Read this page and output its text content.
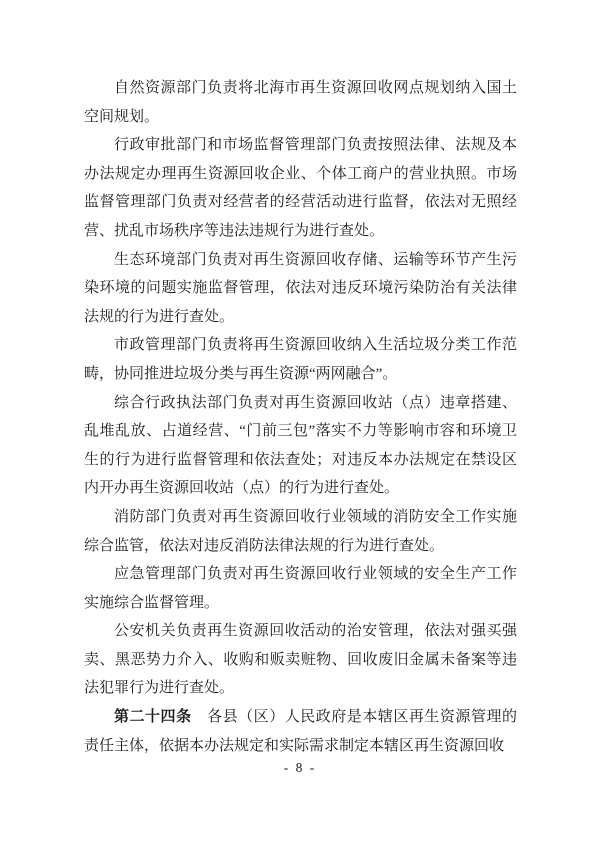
自然资源部门负责将北海市再生资源回收网点规划纳入国土空间规划。

行政审批部门和市场监督管理部门负责按照法律、法规及本办法规定办理再生资源回收企业、个体工商户的营业执照。市场监督管理部门负责对经营者的经营活动进行监督，依法对无照经营、扰乱市场秩序等违法违规行为进行查处。

生态环境部门负责对再生资源回收存储、运输等环节产生污染环境的问题实施监督管理，依法对违反环境污染防治有关法律法规的行为进行查处。

市政管理部门负责将再生资源回收纳入生活垃圾分类工作范畴，协同推进垃圾分类与再生资源“两网融合”。

综合行政执法部门负责对再生资源回收站（点）违章搭建、乱堆乱放、占道经营、“门前三包”落实不力等影响市容和环境卫生的行为进行监督管理和依法查处；对违反本办法规定在禁设区内开办再生资源回收站（点）的行为进行查处。

消防部门负责对再生资源回收行业领域的消防安全工作实施综合监管，依法对违反消防法律法规的行为进行查处。

应急管理部门负责对再生资源回收行业领域的安全生产工作实施综合监督管理。

公安机关负责再生资源回收活动的治安管理，依法对强买强卖、黑恶势力介入、收购和贩卖赃物、回收废旧金属未备案等违法犯罪行为进行查处。

第二十四条　各县（区）人民政府是本辖区再生资源管理的责任主体，依据本办法规定和实际需求制定本辖区再生资源回收

- 8 -
